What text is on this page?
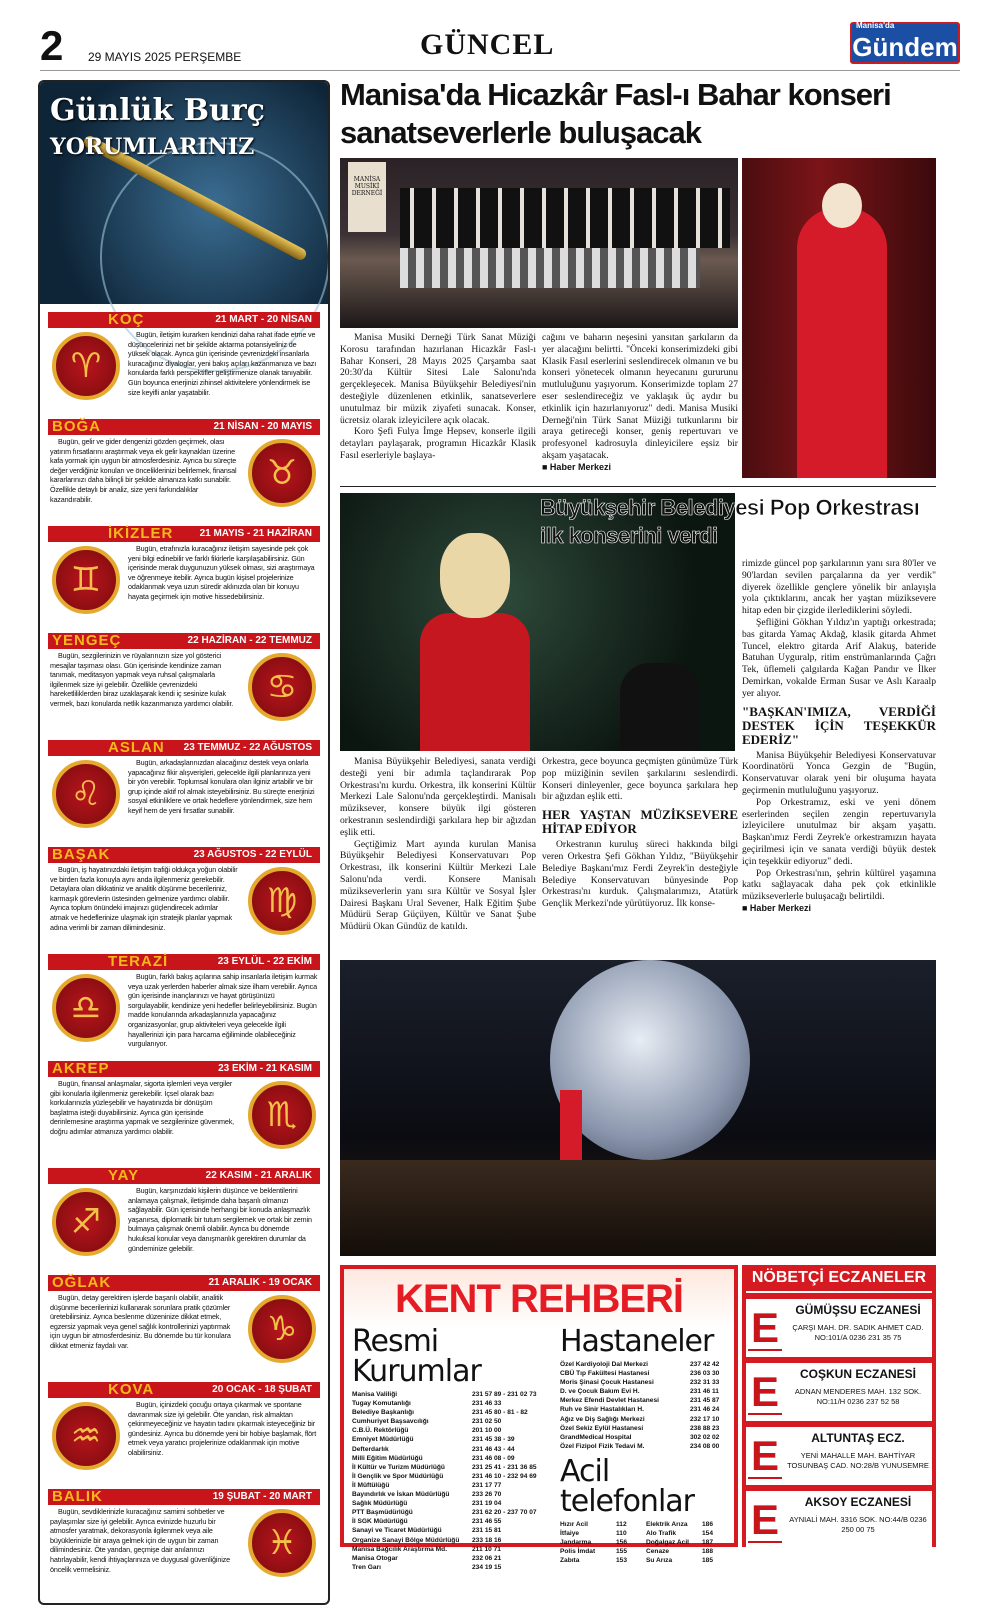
2 29 MAYIS 2025 PERŞEMBE	GÜNCEL
Manisa'da
Gündem
Günlük Burç
YORUMLARINIZ
KOÇ	21 MART - 20 NİSAN
♈
Bugün, iletişim kurarken kendinizi daha rahat ifade etme ve düşüncelerinizi net bir şekilde aktarma potansiyeliniz de yüksek olacak. Ayrıca gün içerisinde çevrenizdeki insanlarla kuracağınız diyaloglar, yeni bakış açıları kazanmanıza ve bazı konularda farklı perspektifler geliştirmenize olanak tanıyabilir. Gün boyunca enerjinizi zihinsel aktivitelere yönlendirmek ise size keyifli anlar yaşatabilir.
BOĞA	21 NİSAN - 20 MAYIS
♉
Bugün, gelir ve gider dengenizi gözden geçirmek, olası yatırım fırsatlarını araştırmak veya ek gelir kaynakları üzerine kafa yormak için uygun bir atmosferdesiniz. Ayrıca bu süreçte değer verdiğiniz konuları ve önceliklerinizi belirlemek, finansal kararlarınızı daha bilinçli bir şekilde almanıza katkı sunabilir. Özellikle detaylı bir analiz, size yeni farkındalıklar kazandırabilir.
İKİZLER	21 MAYIS - 21 HAZİRAN
♊
Bugün, etrafınızla kuracağınız iletişim sayesinde pek çok yeni bilgi edinebilir ve farklı fikirlerle karşılaşabilirsiniz. Gün içerisinde merak duygunuzun yüksek olması, sizi araştırmaya ve öğrenmeye itebilir. Ayrıca bugün kişisel projelerinize odaklanmak veya uzun süredir aklınızda olan bir konuyu hayata geçirmek için motive hissedebilirsiniz.
YENGEÇ	22 HAZİRAN - 22 TEMMUZ
♋
Bugün, sezgilerinizin ve rüyalarınızın size yol gösterici mesajlar taşıması olası. Gün içerisinde kendinize zaman tanımak, meditasyon yapmak veya ruhsal çalışmalarla ilgilenmek size iyi gelebilir. Özellikle çevrenizdeki hareketliliklerden biraz uzaklaşarak kendi iç sesinize kulak vermek, bazı konularda netlik kazanmanıza yardımcı olabilir.
ASLAN 23 TEMMUZ - 22 AĞUSTOS
♌
Bugün, arkadaşlarınızdan alacağınız destek veya onlarla yapacağınız fikir alışverişleri, gelecekle ilgili planlarınıza yeni bir yön verebilir. Toplumsal konulara olan ilginiz artabilir ve bir grup içinde aktif rol almak isteyebilirsiniz. Bu süreçte enerjinizi sosyal etkinliklere ve ortak hedeflere yönlendirmek, size hem keyif hem de yeni fırsatlar sunabilir.
BAŞAK	23 AĞUSTOS - 22 EYLÜL
♍
Bugün, iş hayatınızdaki iletişim trafiği oldukça yoğun olabilir ve birden fazla konuyla aynı anda ilgilenmeniz gerekebilir. Detaylara olan dikkatiniz ve analitik düşünme becerileriniz, karmaşık görevlerin üstesinden gelmenize yardımcı olabilir. Ayrıca toplum önündeki imajınızı güçlendirecek adımlar atmak ve hedeflerinize ulaşmak için stratejik planlar yapmak adına verimli bir zaman dilimindesiniz.
TERAZİ	23 EYLÜL - 22 EKİM
♎
Bugün, farklı bakış açılarına sahip insanlarla iletişim kurmak veya uzak yerlerden haberler almak size ilham verebilir. Ayrıca gün içerisinde inançlarınızı ve hayat görüşünüzü sorgulayabilir, kendinize yeni hedefler belirleyebilirsiniz. Bugün madde konularında arkadaşlarınızla yapacağınız organizasyonlar, grup aktiviteleri veya gelecekle ilgili hayallerinizi için para harcama eğiliminde olabileceğiniz vurgulanıyor.
AKREP	23 EKİM - 21 KASIM
♏
Bugün, finansal anlaşmalar, sigorta işlemleri veya vergiler gibi konularla ilgilenmeniz gerekebilir. İçsel olarak bazı korkularınızla yüzleşebilir ve hayatınızda bir dönüşüm başlatma isteği duyabilirsiniz. Ayrıca gün içerisinde derinlemesine araştırma yapmak ve sezgilerinize güvenmek, doğru adımlar atmanıza yardımcı olabilir.
YAY	22 KASIM - 21 ARALIK
♐
Bugün, karşınızdaki kişilerin düşünce ve beklentilerini anlamaya çalışmak, iletişimde daha başarılı olmanızı sağlayabilir. Gün içerisinde herhangi bir konuda anlaşmazlık yaşanırsa, diplomatik bir tutum sergilemek ve ortak bir zemin bulmaya çalışmak önemli olabilir. Ayrıca bu dönemde hukuksal konular veya danışmanlık gerektiren durumlar da gündeminize gelebilir.
OĞLAK	21 ARALIK - 19 OCAK
♑
Bugün, detay gerektiren işlerde başarılı olabilir, analitik düşünme becerilerinizi kullanarak sorunlara pratik çözümler üretebilirsiniz. Ayrıca beslenme düzeninize dikkat etmek, egzersiz yapmak veya genel sağlık kontrollerinizi yaptırmak için uygun bir atmosferdesiniz. Bu dönemde bu tür konulara dikkat etmeniz faydalı var.
KOVA	20 OCAK - 18 ŞUBAT
♒
Bugün, içinizdeki çocuğu ortaya çıkarmak ve spontane davranmak size iyi gelebilir. Öte yandan, risk almaktan çekinmeyeceğiniz ve hayatın tadını çıkarmak isteyeceğiniz bir gündesiniz. Ayrıca bu dönemde yeni bir hobiye başlamak, flört etmek veya yaratıcı projelerinize odaklanmak için motive olabilirsiniz.
BALIK	19 ŞUBAT - 20 MART
♓
Bugün, sevdiklerinizle kuracağınız samimi sohbetler ve paylaşımlar size iyi gelebilir. Ayrıca evinizde huzurlu bir atmosfer yaratmak, dekorasyonla ilgilenmek veya aile büyüklerinizle bir araya gelmek için de uygun bir zaman dilimindesiniz. Öte yandan, geçmişe dair anılarınızı hatırlayabilir, kendi ihtiyaçlarınıza ve duygusal güvenliğinize öncelik vermelisiniz.
Manisa'da Hicazkâr Fasl-ı Bahar konseri sanatseverlerle buluşacak
MANİSA MUSİKİ DERNEĞİ

Manisa Musiki Derneği Türk Sanat Müziği Korosu tarafından hazırlanan Hicazkâr Fasl-ı Bahar Konseri, 28 Mayıs 2025 Çarşamba saat 20:30'da Kültür Sitesi Lale Salonu'nda gerçekleşecek. Manisa Büyükşehir Belediyesi'nin desteğiyle düzenlenen etkinlik, sanatseverlere unutulmaz bir müzik ziyafeti sunacak. Konser, ücretsiz olarak izleyicilere açık olacak.

Koro Şefi Fulya İmge Hepsev, konserle ilgili detayları paylaşarak, programın Hicazkâr Klasik Fasıl eserleriyle başlaya-

cağını ve baharın neşesini yansıtan şarkıların da yer alacağını belirtti. "Önceki konserimizdeki gibi Klasik Fasıl eserlerini seslendirecek olmanın ve bu konseri yönetecek olmanın heyecanını gururunu mutluluğunu yaşıyorum. Konserimizde toplam 27 eser seslendireceğiz ve yaklaşık üç aydır bu etkinlik için hazırlanıyoruz" dedi. Manisa Musiki Derneği'nin Türk Sanat Müziği tutkunlarını bir araya getireceği konser, geniş repertuvarı ve profesyonel kadrosuyla dinleyicilere eşsiz bir akşam yaşatacak.

■ Haber Merkezi
Büyükşehir Belediyesi Pop Orkestrası ilk konserini verdi

rimizde güncel pop şarkılarının yanı sıra 80'ler ve 90'lardan sevilen parçalarına da yer verdik" diyerek özellikle gençlere yönelik bir anlayışla yola çıktıklarını, ancak her yaştan müziksevere hitap eden bir çizgide ilerlediklerini söyledi.

Şefliğini Gökhan Yıldız'ın yaptığı orkestrada; bas gitarda Yamaç Akdağ, klasik gitarda Ahmet Tuncel, elektro gitarda Arif Alakuş, bateride Batuhan Uyguralp, ritim enstrümanlarında Çağrı Tek, üflemeli çalgılarda Kağan Pandır ve İlker Demirkan, vokalde Erman Susar ve Aslı Karaalp yer alıyor.

"BAŞKAN'IMIZA, VERDİĞİ DESTEK İÇİN TEŞEKKÜR EDERİZ"

Manisa Büyükşehir Belediyesi Konservatuvar Koordinatörü Yonca Gezgin de "Bugün, Konservatuvar olarak yeni bir oluşuma hayata geçirmenin mutluluğunu yaşıyoruz.

Pop Orkestramız, eski ve yeni dönem eserlerinden seçilen zengin repertuvarıyla izleyicilere unutulmaz bir akşam yaşattı. Başkan'ımız Ferdi Zeyrek'e orkestramızın hayata geçirilmesi için ve sanata verdiği büyük destek için teşekkür ediyoruz" dedi.

Pop Orkestrası'nın, şehrin kültürel yaşamına katkı sağlayacak daha pek çok etkinlikle müzikseverlerle buluşacağı belirtildi.

■ Haber Merkezi

Manisa Büyükşehir Belediyesi, sanata verdiği desteği yeni bir adımla taçlandırarak Pop Orkestrası'nı kurdu. Orkestra, ilk konserini Kültür Merkezi Lale Salonu'nda gerçekleştirdi. Manisalı müziksever, konsere büyük ilgi gösteren orkestranın seslendirdiği şarkılara hep bir ağızdan eşlik etti.

Geçtiğimiz Mart ayında kurulan Manisa Büyükşehir Belediyesi Konservatuvarı Pop Orkestrası, ilk konserini Kültür Merkezi Lale Salonu'nda verdi. Konsere Manisalı müzikseverlerin yanı sıra Kültür ve Sosyal İşler Dairesi Başkanı Ural Sevener, Halk Eğitim Şube Müdürü Serap Güçüyen, Kültür ve Sanat Şube Müdürü Okan Gündüz de katıldı.

Orkestra, gece boyunca geçmişten günümüze Türk pop müziğinin sevilen şarkılarını seslendirdi. Konseri dinleyenler, gece boyunca şarkılara hep bir ağızdan eşlik etti.

HER YAŞTAN MÜZİKSEVERE HİTAP EDİYOR

Orkestranın kuruluş süreci hakkında bilgi veren Orkestra Şefi Gökhan Yıldız, "Büyükşehir Belediye Başkanı'mız Ferdi Zeyrek'in desteğiyle Belediye Konservatuvarı bünyesinde Pop Orkestrası'nı kurduk. Çalışmalarımızı, Atatürk Gençlik Merkezi'nde yürütüyoruz. İlk konse-

KENT REHBERİ
Resmi Kurumlar
Manisa Valiliği	231 57 89 - 231 02 73
Tugay Komutanlığı	231 46 33
Belediye Başkanlığı	231 45 80 - 81 - 82
Cumhuriyet Başsavcılığı	231 02 50
C.B.Ü. Rektörlüğü	201 10 00
Emniyet Müdürlüğü	231 45 38 - 39
Defterdarlık	231 46 43 - 44
Milli Eğitim Müdürlüğü	231 46 08 - 09
İl Kültür ve Turizm Müdürlüğü	231 25 41 - 231 36 85
İl Gençlik ve Spor Müdürlüğü	231 46 10 - 232 94 69
İl Müftülüğü	231 17 77
Bayındırlık ve İskan Müdürlüğü	233 26 70
Sağlık Müdürlüğü	231 19 04
PTT Başmüdürlüğü	231 62 20 - 237 70 07
İl SGK Müdürlüğü	231 46 55
Sanayi ve Ticaret Müdürlüğü	231 15 81
Organize Sanayi Bölge Müdürlüğü	233 18 16
Manisa Bağcılık Araştırma Md.	211 10 71
Manisa Otogar	232 06 21
Tren Garı	234 19 15
Hastaneler
Özel Kardiyoloji Dal Merkezi	237 42 42
CBÜ Tıp Fakültesi Hastanesi	236 03 30
Moris Şinasi Çocuk Hastanesi	232 31 33
D. ve Çocuk Bakım Evi H.	231 46 11
Merkez Efendi Devlet Hastanesi	231 45 87
Ruh ve Sinir Hastalıkları H.	231 46 24
Ağız ve Diş Sağlığı Merkezi	232 17 10
Özel Sekiz Eylül Hastanesi	238 88 23
GrandMedical Hospital	302 02 02
Özel Fizipol Fizik Tedavi M.	234 08 00
Acil telefonlar
Hızır Acil	112	Elektrik Arıza	186
İtfaiye	110	Alo Trafik	154
Jandarma	156	Doğalgaz Acil	187
Polis İmdat	155	Cenaze	188
Zabıta	153	Su Arıza	185
NÖBETÇİ ECZANELER
E	GÜMÜŞSU ECZANESİ
ÇARŞI MAH. DR. SADIK AHMET CAD. NO:101/A 0236 231 35 75
E	COŞKUN ECZANESİ
ADNAN MENDERES MAH. 132 SOK. NO:11/H 0236 237 52 58
E	ALTUNTAŞ ECZ.
YENİ MAHALLE MAH. BAHTİYAR TOSUNBAŞ CAD. NO:28/B YUNUSEMRE
E	AKSOY ECZANESİ
AYNIALİ MAH. 3316 SOK. NO:44/B 0236 250 00 75
